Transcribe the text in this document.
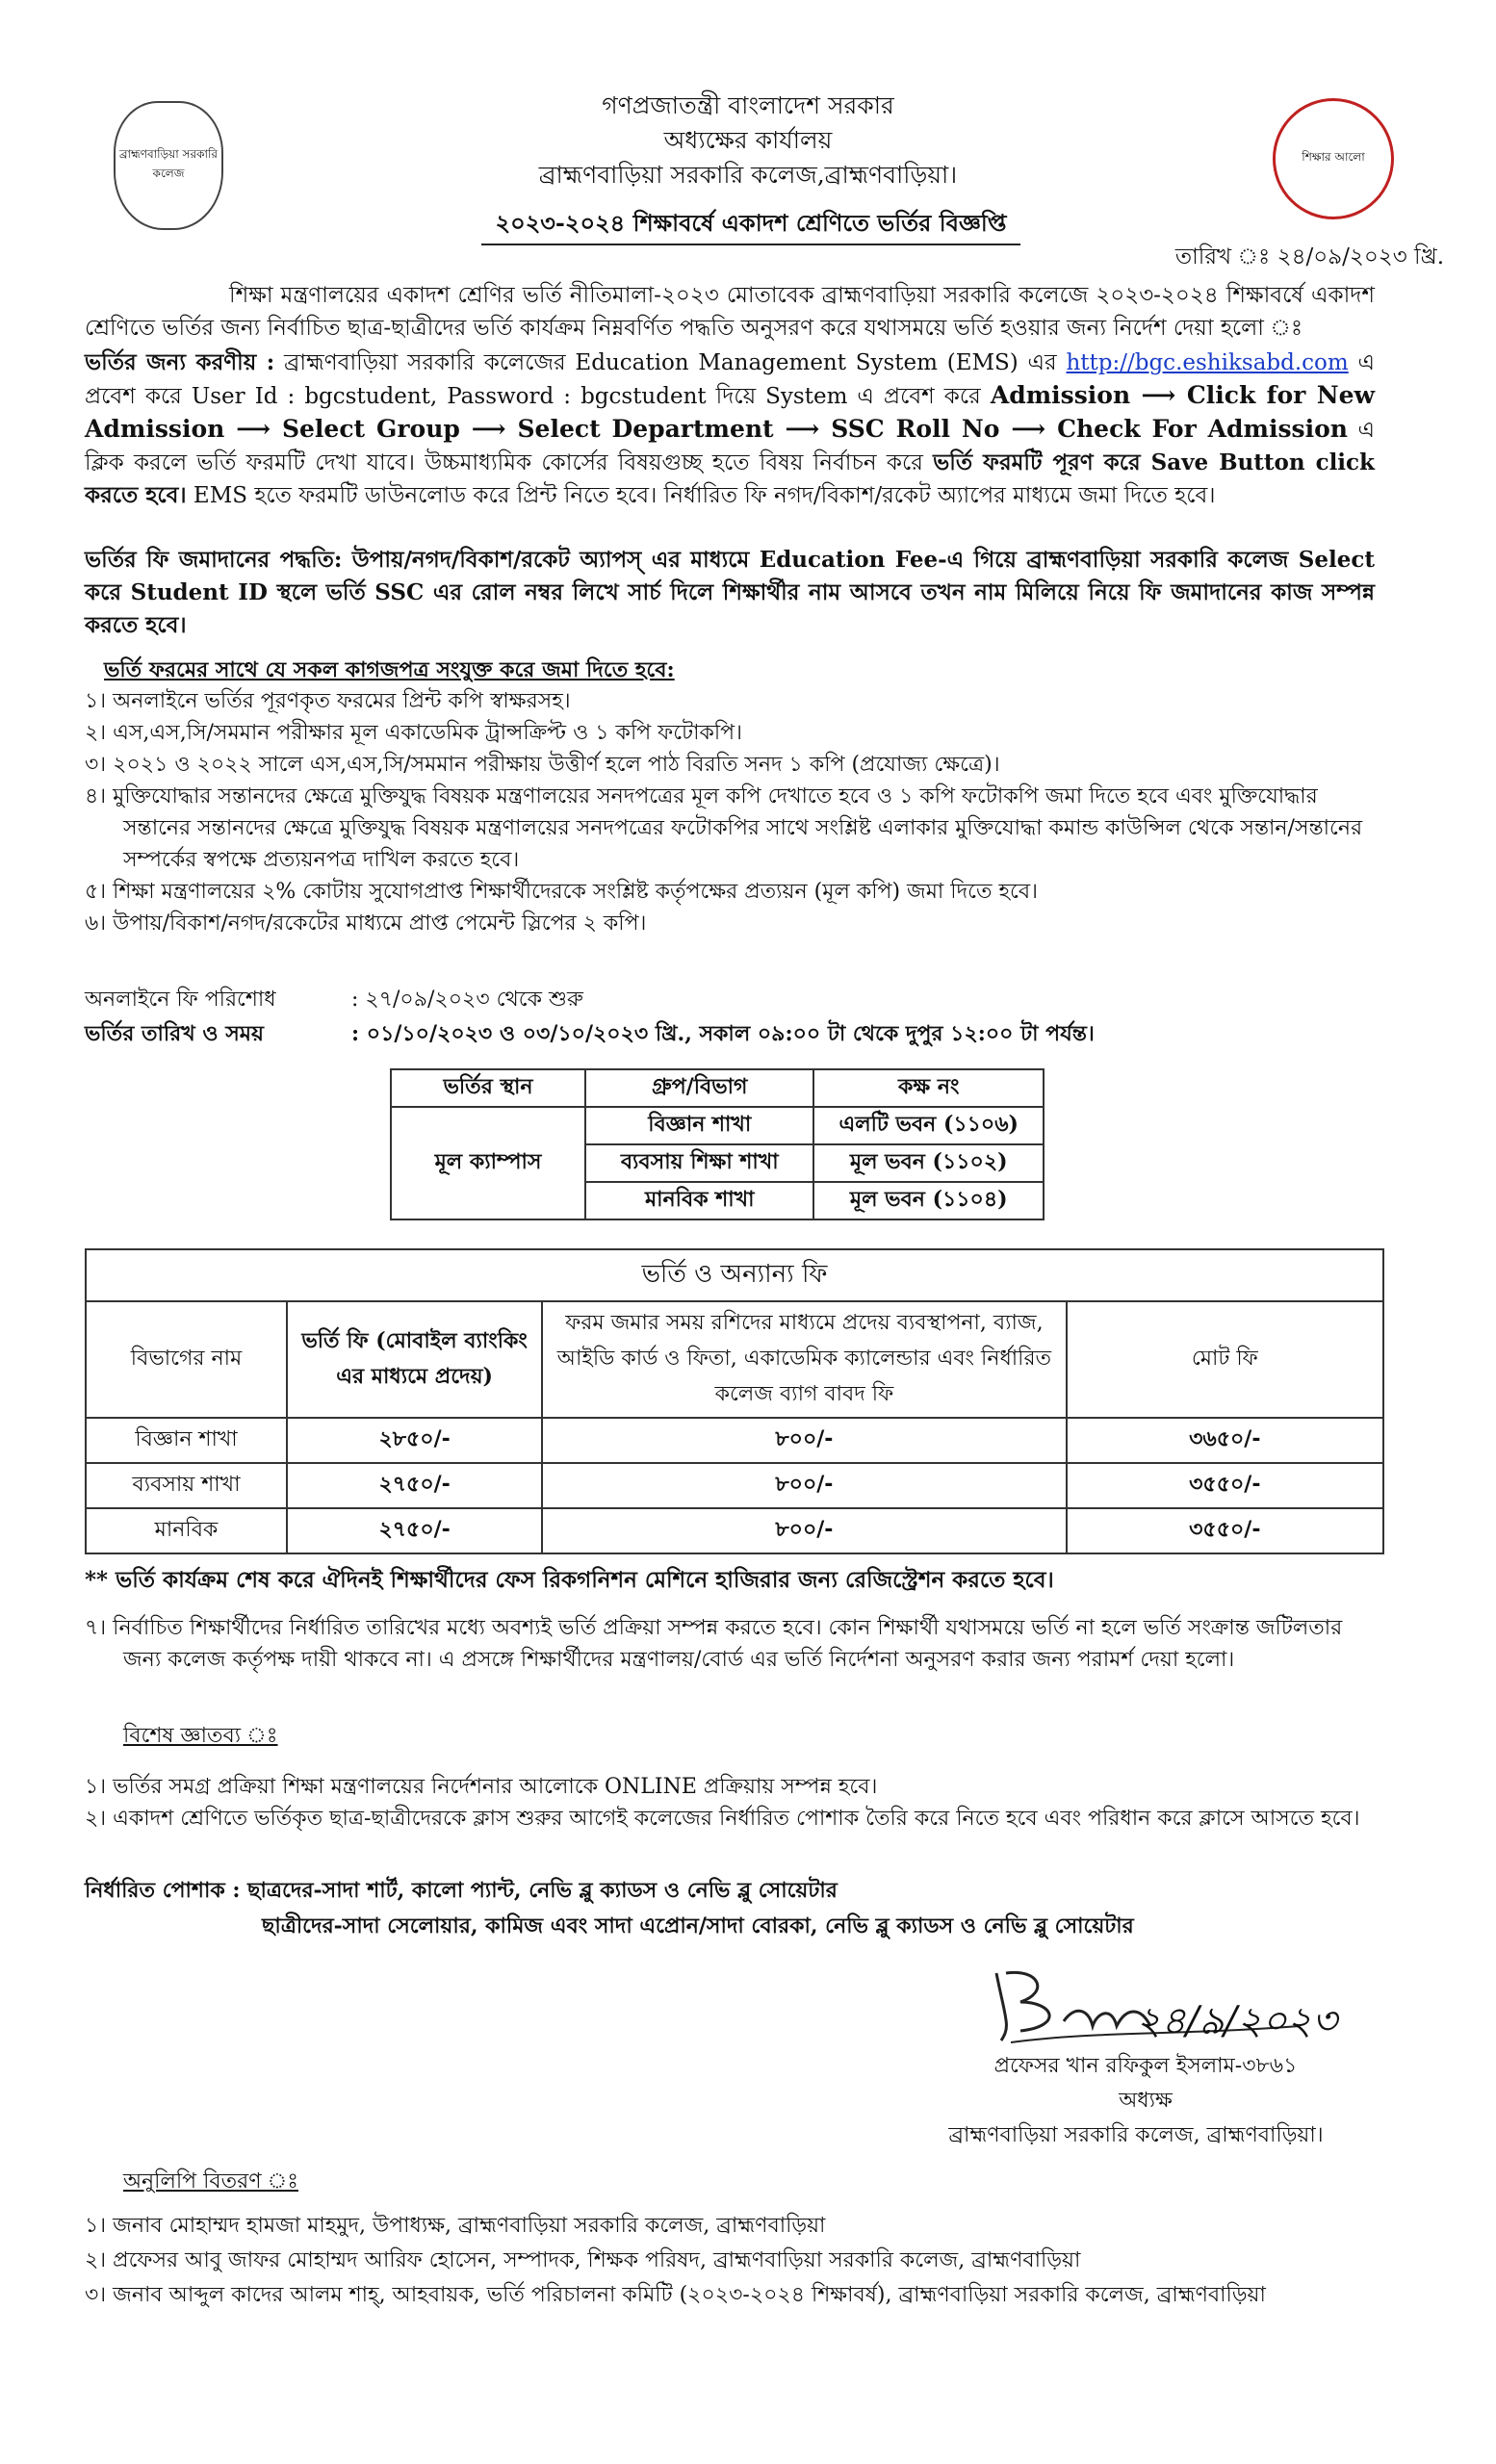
ব্রাহ্মণবাড়িয়া সরকারি কলেজ
শিক্ষার আলো
গণপ্রজাতন্ত্রী বাংলাদেশ সরকার
অধ্যক্ষের কার্যালয়
ব্রাহ্মণবাড়িয়া সরকারি কলেজ,ব্রাহ্মণবাড়িয়া।
২০২৩-২০২৪ শিক্ষাবর্ষে একাদশ শ্রেণিতে ভর্তির বিজ্ঞপ্তি
তারিখ ঃ ২৪/০৯/২০২৩ খ্রি.
শিক্ষা মন্ত্রণালয়ের একাদশ শ্রেণির ভর্তি নীতিমালা-২০২৩ মোতাবেক ব্রাহ্মণবাড়িয়া সরকারি কলেজে ২০২৩-২০২৪ শিক্ষাবর্ষে একাদশ শ্রেণিতে ভর্তির জন্য নির্বাচিত ছাত্র-ছাত্রীদের ভর্তি কার্যক্রম নিম্নবর্ণিত পদ্ধতি অনুসরণ করে যথাসময়ে ভর্তি হওয়ার জন্য নির্দেশ দেয়া হলো ঃ
ভর্তির জন্য করণীয় : ব্রাহ্মণবাড়িয়া সরকারি কলেজের Education Management System (EMS) এর http://bgc.eshiksabd.com এ প্রবেশ করে User Id : bgcstudent, Password : bgcstudent দিয়ে System এ প্রবেশ করে Admission ⟶ Click for New Admission ⟶ Select Group ⟶ Select Department ⟶ SSC Roll No ⟶ Check For Admission এ ক্লিক করলে ভর্তি ফরমটি দেখা যাবে। উচ্চমাধ্যমিক কোর্সের বিষয়গুচ্ছ হতে বিষয় নির্বাচন করে ভর্তি ফরমটি পূরণ করে Save Button click করতে হবে। EMS হতে ফরমটি ডাউনলোড করে প্রিন্ট নিতে হবে। নির্ধারিত ফি নগদ/বিকাশ/রকেট অ্যাপের মাধ্যমে জমা দিতে হবে।
ভর্তির ফি জমাদানের পদ্ধতি: উপায়/নগদ/বিকাশ/রকেট অ্যাপস্ এর মাধ্যমে Education Fee-এ গিয়ে ব্রাহ্মণবাড়িয়া সরকারি কলেজ Select করে Student ID স্থলে ভর্তি SSC এর রোল নম্বর লিখে সার্চ দিলে শিক্ষার্থীর নাম আসবে তখন নাম মিলিয়ে নিয়ে ফি জমাদানের কাজ সম্পন্ন করতে হবে।
ভর্তি ফরমের সাথে যে সকল কাগজপত্র সংযুক্ত করে জমা দিতে হবে:
১। অনলাইনে ভর্তির পূরণকৃত ফরমের প্রিন্ট কপি স্বাক্ষরসহ।
২। এস,এস,সি/সমমান পরীক্ষার মূল একাডেমিক ট্রান্সক্রিপ্ট ও ১ কপি ফটোকপি।
৩। ২০২১ ও ২০২২ সালে এস,এস,সি/সমমান পরীক্ষায় উত্তীর্ণ হলে পাঠ বিরতি সনদ ১ কপি (প্রযোজ্য ক্ষেত্রে)।
৪। মুক্তিযোদ্ধার সন্তানদের ক্ষেত্রে মুক্তিযুদ্ধ বিষয়ক মন্ত্রণালয়ের সনদপত্রের মূল কপি দেখাতে হবে ও ১ কপি ফটোকপি জমা দিতে হবে এবং মুক্তিযোদ্ধার সন্তানের সন্তানদের ক্ষেত্রে মুক্তিযুদ্ধ বিষয়ক মন্ত্রণালয়ের সনদপত্রের ফটোকপির সাথে সংশ্লিষ্ট এলাকার মুক্তিযোদ্ধা কমান্ড কাউন্সিল থেকে সন্তান/সন্তানের সম্পর্কের স্বপক্ষে প্রত্যয়নপত্র দাখিল করতে হবে।
৫। শিক্ষা মন্ত্রণালয়ের ২% কোটায় সুযোগপ্রাপ্ত শিক্ষার্থীদেরকে সংশ্লিষ্ট কর্তৃপক্ষের প্রত্যয়ন (মূল কপি) জমা দিতে হবে।
৬। উপায়/বিকাশ/নগদ/রকেটের মাধ্যমে প্রাপ্ত পেমেন্ট স্লিপের ২ কপি।
অনলাইনে ফি পরিশোধ	: ২৭/০৯/২০২৩ থেকে শুরু
ভর্তির তারিখ ও সময়	: ০১/১০/২০২৩ ও ০৩/১০/২০২৩ খ্রি., সকাল ০৯:০০ টা থেকে দুপুর ১২:০০ টা পর্যন্ত।
ভর্তির স্থান	গ্রুপ/বিভাগ	কক্ষ নং
মূল ক্যাম্পাস	বিজ্ঞান শাখা	এলটি ভবন (১১০৬)
	ব্যবসায় শিক্ষা শাখা	মূল ভবন (১১০২)
	মানবিক শাখা	মূল ভবন (১১০৪)
ভর্তি ও অন্যান্য ফি			
বিভাগের নাম	ভর্তি ফি (মোবাইল ব্যাংকিং এর মাধ্যমে প্রদেয়)	ফরম জমার সময় রশিদের মাধ্যমে প্রদেয় ব্যবস্থাপনা, ব্যাজ, আইডি কার্ড ও ফিতা, একাডেমিক ক্যালেন্ডার এবং নির্ধারিত কলেজ ব্যাগ বাবদ ফি	মোট ফি
বিজ্ঞান শাখা	২৮৫০/-	৮০০/-	৩৬৫০/-
ব্যবসায় শাখা	২৭৫০/-	৮০০/-	৩৫৫০/-
মানবিক	২৭৫০/-	৮০০/-	৩৫৫০/-
** ভর্তি কার্যক্রম শেষ করে ঐদিনই শিক্ষার্থীদের ফেস রিকগনিশন মেশিনে হাজিরার জন্য রেজিস্ট্রেশন করতে হবে।
৭। নির্বাচিত শিক্ষার্থীদের নির্ধারিত তারিখের মধ্যে অবশ্যই ভর্তি প্রক্রিয়া সম্পন্ন করতে হবে। কোন শিক্ষার্থী যথাসময়ে ভর্তি না হলে ভর্তি সংক্রান্ত জটিলতার জন্য কলেজ কর্তৃপক্ষ দায়ী থাকবে না। এ প্রসঙ্গে শিক্ষার্থীদের মন্ত্রণালয়/বোর্ড এর ভর্তি নির্দেশনা অনুসরণ করার জন্য পরামর্শ দেয়া হলো।
বিশেষ জ্ঞাতব্য ঃ
১। ভর্তির সমগ্র প্রক্রিয়া শিক্ষা মন্ত্রণালয়ের নির্দেশনার আলোকে ONLINE প্রক্রিয়ায় সম্পন্ন হবে।
২। একাদশ শ্রেণিতে ভর্তিকৃত ছাত্র-ছাত্রীদেরকে ক্লাস শুরুর আগেই কলেজের নির্ধারিত পোশাক তৈরি করে নিতে হবে এবং পরিধান করে ক্লাসে আসতে হবে।
নির্ধারিত পোশাক : ছাত্রদের-সাদা শার্ট, কালো প্যান্ট, নেভি ব্লু ক্যাডস ও নেভি ব্লু সোয়েটার
ছাত্রীদের-সাদা সেলোয়ার, কামিজ এবং সাদা এপ্রোন/সাদা বোরকা, নেভি ব্লু ক্যাডস ও নেভি ব্লু সোয়েটার
২৪/৯/২০২৩
প্রফেসর খান রফিকুল ইসলাম-৩৮৬১
অধ্যক্ষ
ব্রাহ্মণবাড়িয়া সরকারি কলেজ, ব্রাহ্মণবাড়িয়া।
অনুলিপি বিতরণ ঃ
১। জনাব মোহাম্মদ হামজা মাহমুদ, উপাধ্যক্ষ, ব্রাহ্মণবাড়িয়া সরকারি কলেজ, ব্রাহ্মণবাড়িয়া
২। প্রফেসর আবু জাফর মোহাম্মদ আরিফ হোসেন, সম্পাদক, শিক্ষক পরিষদ, ব্রাহ্মণবাড়িয়া সরকারি কলেজ, ব্রাহ্মণবাড়িয়া
৩। জনাব আব্দুল কাদের আলম শাহ্, আহবায়ক, ভর্তি পরিচালনা কমিটি (২০২৩-২০২৪ শিক্ষাবর্ষ), ব্রাহ্মণবাড়িয়া সরকারি কলেজ, ব্রাহ্মণবাড়িয়া
